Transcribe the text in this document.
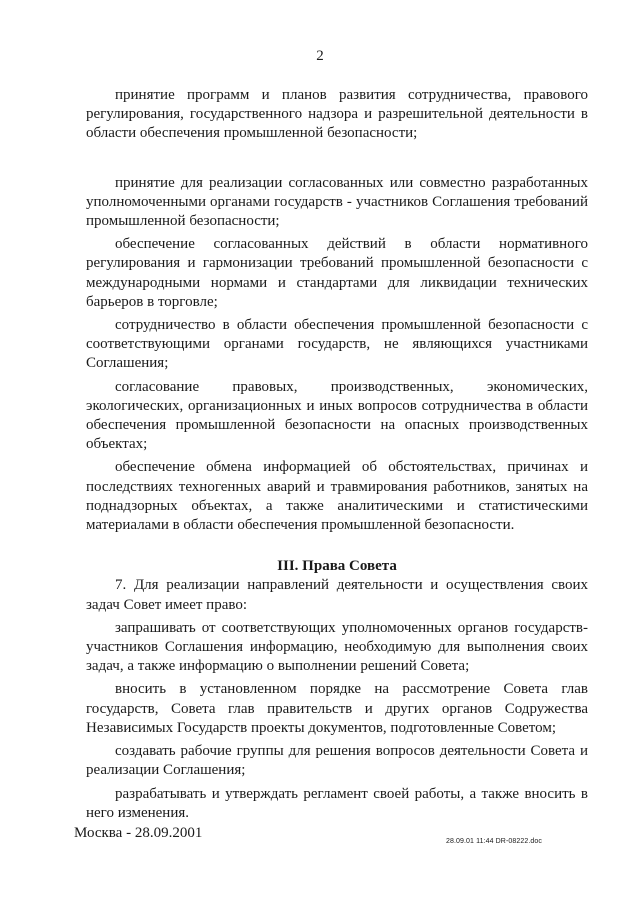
2

принятие программ и планов развития сотрудничества, правового регулирования, государственного надзора и разрешительной деятельности в области обеспечения промышленной безопасности;

принятие для реализации согласованных или совместно разработанных уполномоченными органами государств - участников Соглашения требований промышленной безопасности;

обеспечение согласованных действий в области нормативного регулирования и гармонизации требований промышленной безопасности с международными нормами и стандартами для ликвидации технических барьеров в торговле;

сотрудничество в области обеспечения промышленной безопасности с соответствующими органами государств, не являющихся участниками Соглашения;

согласование правовых, производственных, экономических, экологических, организационных и иных вопросов сотрудничества в области обеспечения промышленной безопасности на опасных производственных объектах;

обеспечение обмена информацией об обстоятельствах, причинах и последствиях техногенных аварий и травмирования работников, занятых на поднадзорных объектах, а также аналитическими и статистическими материалами в области обеспечения промышленной безопасности.

III. Права Совета

7. Для реализации направлений деятельности и осуществления своих задач Совет имеет право:

запрашивать от соответствующих уполномоченных органов государств-участников Соглашения информацию, необходимую для выполнения своих задач, а также информацию о выполнении решений Совета;

вносить в установленном порядке на рассмотрение Совета глав государств, Совета глав правительств и других органов Содружества Независимых Государств проекты документов, подготовленные Советом;

создавать рабочие группы для решения вопросов деятельности Совета и реализации Соглашения;

разрабатывать и утверждать регламент своей работы, а также вносить в него изменения.

Москва - 28.09.2001
28.09.01 11:44 DR-08222.doc
